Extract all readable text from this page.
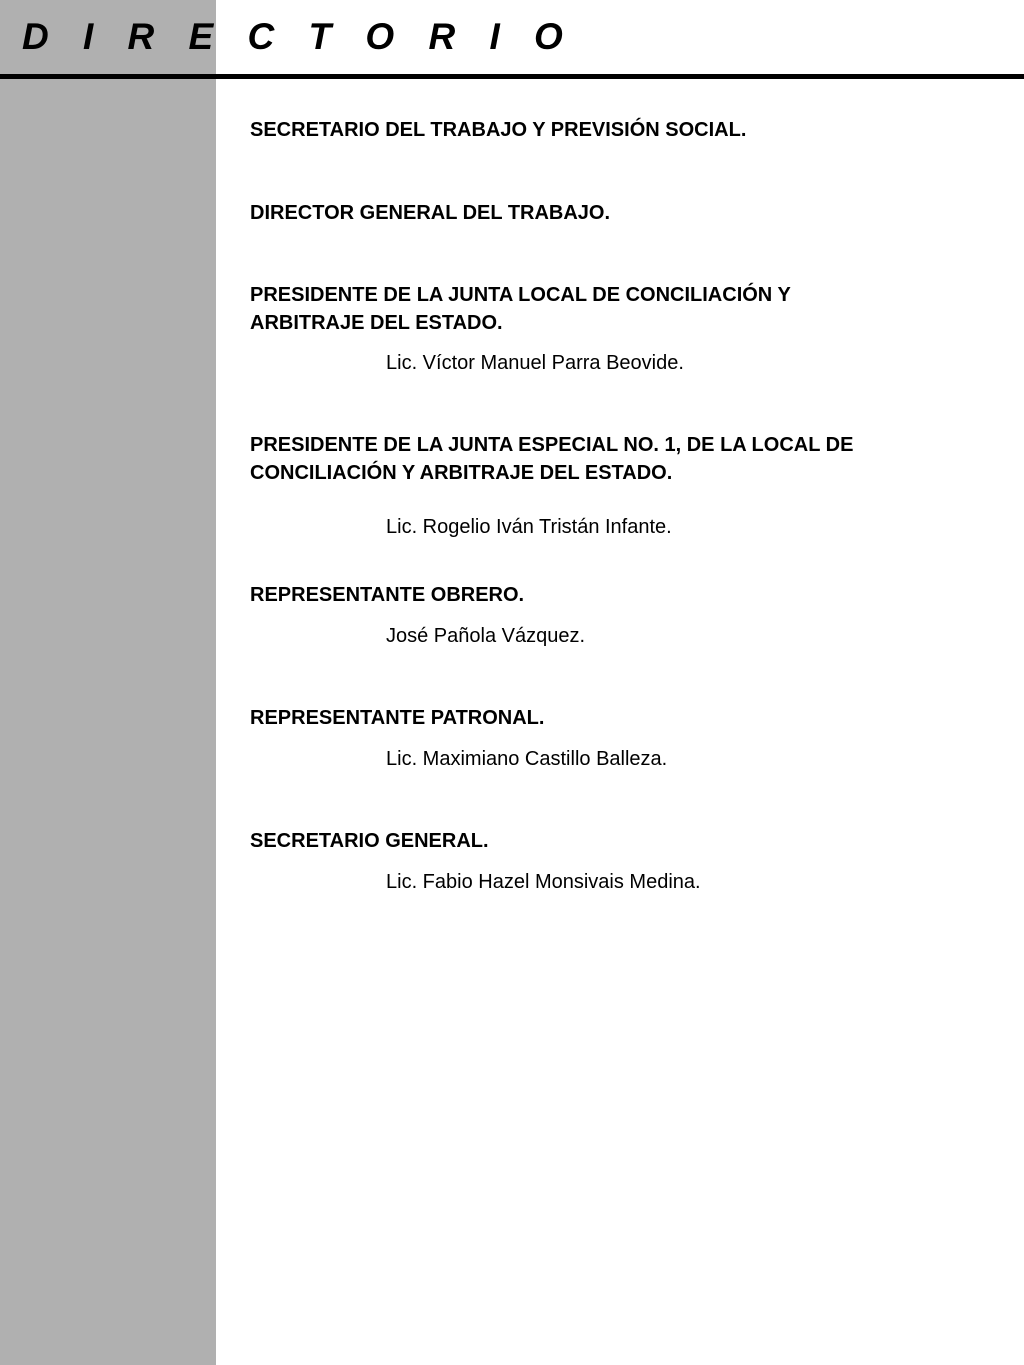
D I R E C T O R I O

SECRETARIO DEL TRABAJO Y PREVISIÓN SOCIAL.

DIRECTOR GENERAL DEL TRABAJO.

PRESIDENTE DE LA JUNTA LOCAL DE CONCILIACIÓN Y ARBITRAJE DEL ESTADO.

Lic. Víctor Manuel Parra Beovide.

PRESIDENTE DE LA JUNTA ESPECIAL NO. 1, DE LA LOCAL DE CONCILIACIÓN Y ARBITRAJE DEL ESTADO.

Lic. Rogelio Iván Tristán Infante.

REPRESENTANTE OBRERO.

José Pañola Vázquez.

REPRESENTANTE PATRONAL.

Lic. Maximiano Castillo Balleza.

SECRETARIO GENERAL.

Lic. Fabio Hazel Monsivais Medina.
